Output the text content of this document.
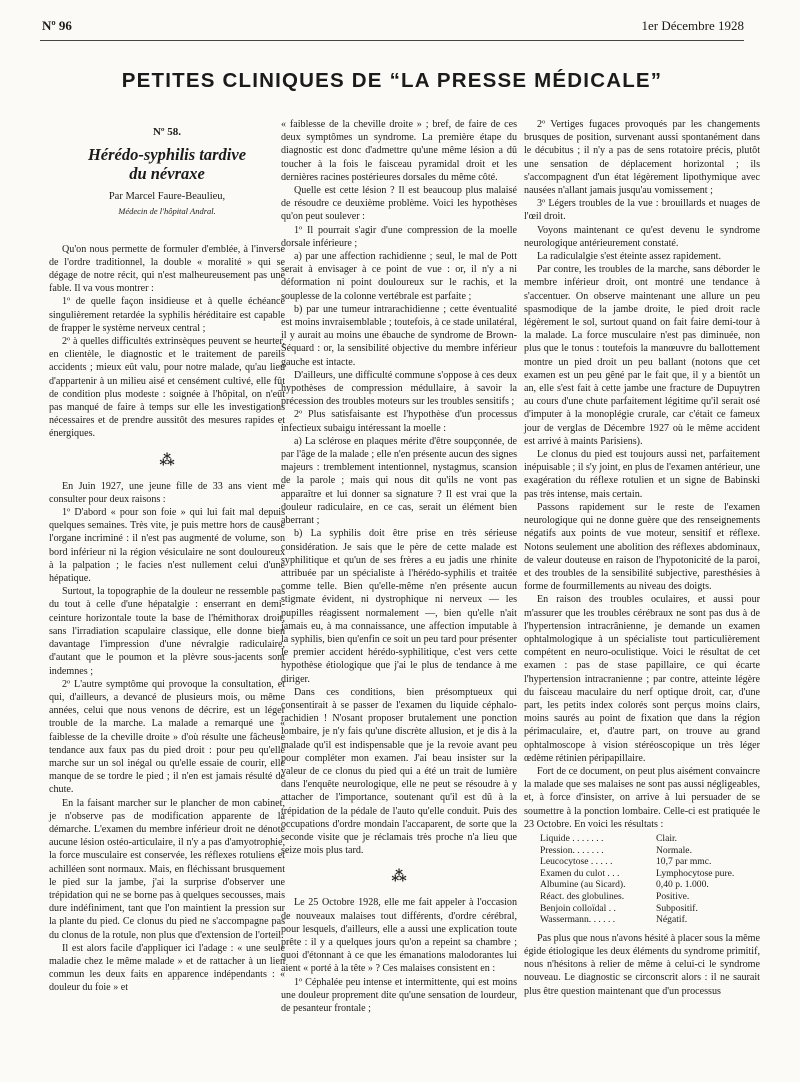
Nº 96	1er Décembre 1928
PETITES CLINIQUES DE “LA PRESSE MÉDICALE”
Nº 58.
Hérédo-syphilis tardive
du névraxe
Par Marcel Faure-Beaulieu,
Médecin de l'hôpital Andral.

Qu'on nous permette de formuler d'emblée, à l'inverse de l'ordre traditionnel, la double « moralité » qui se dégage de notre récit, qui n'est malheureusement pas une fable. Il va vous montrer :

1º de quelle façon insidieuse et à quelle échéance singulièrement retardée la syphilis héréditaire est capable de frapper le système nerveux central ;

2º à quelles difficultés extrinsèques peuvent se heurter, en clientèle, le diagnostic et le traitement de pareils accidents ; mieux eût valu, pour notre malade, qu'au lieu d'appartenir à un milieu aisé et censément cultivé, elle fût de condition plus modeste : soignée à l'hôpital, on n'eût pas manqué de faire à temps sur elle les investigations nécessaires et de prendre aussitôt des mesures rapides et énergiques.

⁂

En Juin 1927, une jeune fille de 33 ans vient me consulter pour deux raisons :

1º D'abord « pour son foie » qui lui fait mal depuis quelques semaines. Très vite, je puis mettre hors de cause l'organe incriminé : il n'est pas augmenté de volume, son bord inférieur ni la région vésiculaire ne sont douloureux à la palpation ; le facies n'est nullement celui d'une hépatique.

Surtout, la topographie de la douleur ne ressemble pas du tout à celle d'une hépatalgie : enserrant en demi-ceinture horizontale toute la base de l'hémithorax droit, sans l'irradiation scapulaire classique, elle donne bien davantage l'impression d'une névralgie radiculaire, d'autant que le poumon et la plèvre sous-jacents sont indemnes ;

2º L'autre symptôme qui provoque la consultation, et qui, d'ailleurs, a devancé de plusieurs mois, ou même années, celui que nous venons de décrire, est un léger trouble de la marche. La malade a remarqué une « faiblesse de la cheville droite » d'où résulte une fâcheuse tendance aux faux pas du pied droit : pour peu qu'elle marche sur un sol inégal ou qu'elle essaie de courir, elle manque de se tordre le pied ; il n'en est jamais résulté de chute.

En la faisant marcher sur le plancher de mon cabinet, je n'observe pas de modification apparente de la démarche. L'examen du membre inférieur droit ne dénote aucune lésion ostéo-articulaire, il n'y a pas d'amyotrophie, la force musculaire est conservée, les réflexes rotuliens et achilléen sont normaux. Mais, en fléchissant brusquement le pied sur la jambe, j'ai la surprise d'observer une trépidation qui ne se borne pas à quelques secousses, mais dure indéfiniment, tant que l'on maintient la pression sur la plante du pied. Ce clonus du pied ne s'accompagne pas du clonus de la rotule, non plus que d'extension de l'orteil.

Il est alors facile d'appliquer ici l'adage : « une seule maladie chez le même malade » et de rattacher à un lien commun les deux faits en apparence indépendants : « douleur du foie » et

« faiblesse de la cheville droite » ; bref, de faire de ces deux symptômes un syndrome. La première étape du diagnostic est donc d'admettre qu'une même lésion a dû toucher à la fois le faisceau pyramidal droit et les dernières racines postérieures dorsales du même côté.

Quelle est cette lésion ? Il est beaucoup plus malaisé de résoudre ce deuxième problème. Voici les hypothèses qu'on peut soulever :

1º Il pourrait s'agir d'une compression de la moelle dorsale inférieure ;

a) par une affection rachidienne ; seul, le mal de Pott serait à envisager à ce point de vue : or, il n'y a ni déformation ni point douloureux sur le rachis, et la souplesse de la colonne vertébrale est parfaite ;

b) par une tumeur intrarachidienne ; cette éventualité est moins invraisemblable ; toutefois, à ce stade unilatéral, il y aurait au moins une ébauche de syndrome de Brown-Séquard : or, la sensibilité objective du membre inférieur gauche est intacte.

D'ailleurs, une difficulté commune s'oppose à ces deux hypothèses de compression médullaire, à savoir la précession des troubles moteurs sur les troubles sensitifs ;

2º Plus satisfaisante est l'hypothèse d'un processus infectieux subaigu intéressant la moelle :

a) La sclérose en plaques mérite d'être soupçonnée, de par l'âge de la malade ; elle n'en présente aucun des signes majeurs : tremblement intentionnel, nystagmus, scansion de la parole ; mais qui nous dit qu'ils ne vont pas apparaître et lui donner sa signature ? Il est vrai que la douleur radiculaire, en ce cas, serait un élément bien aberrant ;

b) La syphilis doit être prise en très sérieuse considération. Je sais que le père de cette malade est syphilitique et qu'un de ses frères a eu jadis une rhinite attribuée par un spécialiste à l'hérédo-syphilis et traitée comme telle. Bien qu'elle-même n'en présente aucun stigmate évident, ni dystrophique ni nerveux — les pupilles réagissent normalement —, bien qu'elle n'ait jamais eu, à ma connaissance, une affection imputable à la syphilis, bien qu'enfin ce soit un peu tard pour présenter le premier accident hérédo-syphilitique, c'est vers cette hypothèse étiologique que j'ai le plus de tendance à me diriger.

Dans ces conditions, bien présomptueux qui consentirait à se passer de l'examen du liquide céphalo-rachidien ! N'osant proposer brutalement une ponction lombaire, je n'y fais qu'une discrète allusion, et je dis à la malade qu'il est indispensable que je la revoie avant peu pour compléter mon examen. J'ai beau insister sur la valeur de ce clonus du pied qui a été un trait de lumière dans l'enquête neurologique, elle ne peut se résoudre à y attacher de l'importance, soutenant qu'il est dû à la trépidation de la pédale de l'auto qu'elle conduit. Puis des occupations d'ordre mondain l'accaparent, de sorte que la seconde visite que je réclamais très proche n'a lieu que seize mois plus tard.

⁂

Le 25 Octobre 1928, elle me fait appeler à l'occasion de nouveaux malaises tout différents, d'ordre cérébral, pour lesquels, d'ailleurs, elle a aussi une explication toute prête : il y a quelques jours qu'on a repeint sa chambre ; quoi d'étonnant à ce que les émanations malodorantes lui aient « porté à la tête » ? Ces malaises consistent en :

1º Céphalée peu intense et intermittente, qui est moins une douleur proprement dite qu'une sensation de lourdeur, de pesanteur frontale ;

2º Vertiges fugaces provoqués par les changements brusques de position, survenant aussi spontanément dans le décubitus ; il n'y a pas de sens rotatoire précis, plutôt une sensation de déplacement horizontal ; ils s'accompagnent d'un état légèrement lipothymique avec nausées n'allant jamais jusqu'au vomissement ;

3º Légers troubles de la vue : brouillards et nuages de l'œil droit.

Voyons maintenant ce qu'est devenu le syndrome neurologique antérieurement constaté.

La radiculalgie s'est éteinte assez rapidement.

Par contre, les troubles de la marche, sans déborder le membre inférieur droit, ont montré une tendance à s'accentuer. On observe maintenant une allure un peu spasmodique de la jambe droite, le pied droit racle légèrement le sol, surtout quand on fait faire demi-tour à la malade. La force musculaire n'est pas diminuée, non plus que le tonus : toutefois la manœuvre du ballottement montre un pied droit un peu ballant (notons que cet examen est un peu gêné par le fait que, il y a bientôt un an, elle s'est fait à cette jambe une fracture de Dupuytren au cours d'une chute parfaitement légitime qu'il serait osé d'imputer à la monoplégie crurale, car c'était ce fameux jour de verglas de Décembre 1927 où le même accident est arrivé à maints Parisiens).

Le clonus du pied est toujours aussi net, parfaitement inépuisable ; il s'y joint, en plus de l'examen antérieur, une exagération du réflexe rotulien et un signe de Babinski pas très intense, mais certain.

Passons rapidement sur le reste de l'examen neurologique qui ne donne guère que des renseignements négatifs aux points de vue moteur, sensitif et réflexe. Notons seulement une abolition des réflexes abdominaux, de valeur douteuse en raison de l'hypotonicité de la paroi, et des troubles de la sensibilité subjective, paresthésies à forme de fourmillements au niveau des doigts.

En raison des troubles oculaires, et aussi pour m'assurer que les troubles cérébraux ne sont pas dus à de l'hypertension intracrânienne, je demande un examen ophtalmologique à un spécialiste tout particulièrement compétent en neuro-oculistique. Voici le résultat de cet examen : pas de stase papillaire, ce qui écarte l'hypertension intracranienne ; par contre, atteinte légère du faisceau maculaire du nerf optique droit, car, d'une part, les petits index colorés sont perçus moins clairs, moins saurés au point de fixation que dans la région périmaculaire, et, d'autre part, on trouve au grand ophtalmoscope à vision stéréoscopique un très léger œdème rétinien péripapillaire.

Fort de ce document, on peut plus aisément convaincre la malade que ses malaises ne sont pas aussi négligeables, et, à force d'insister, on arrive à lui persuader de se soumettre à la ponction lombaire. Celle-ci est pratiquée le 23 Octobre. En voici les résultats :

Liquide . . . . . . .	Clair.
Pression. . . . . . .	Normale.
Leucocytose . . . . .	10,7 par mmc.
Examen du culot . . .	Lymphocytose pure.
Albumine (au Sicard).	0,40 p. 1.000.
Réact. des globulines.	Positive.
Benjoin colloïdal . .	Subpositif.
Wassermann. . . . . .	Négatif.

Pas plus que nous n'avons hésité à placer sous la même égide étiologique les deux éléments du syndrome primitif, nous n'hésitons à relier de même à celui-ci le syndrome nouveau. Le diagnostic se circonscrit alors : il ne saurait plus être question maintenant que d'un processus
